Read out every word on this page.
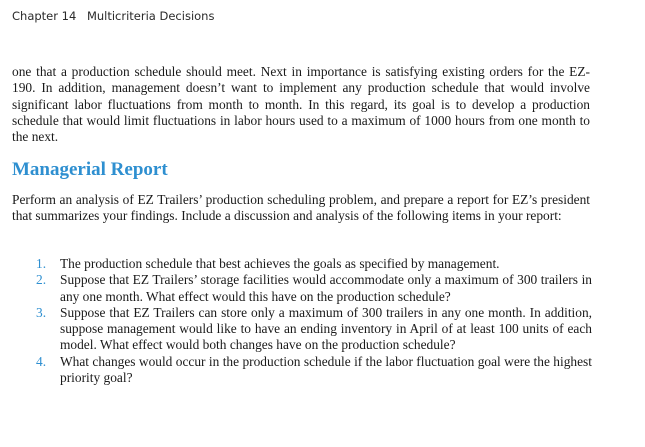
Chapter 14 Multicriteria Decisions

one that a production schedule should meet. Next in importance is satisfying existing orders for the EZ-190. In addition, management doesn’t want to implement any production schedule that would involve significant labor fluctuations from month to month. In this regard, its goal is to develop a production schedule that would limit fluctuations in labor hours used to a maximum of 1000 hours from one month to the next.

Managerial Report

Perform an analysis of EZ Trailers’ production scheduling problem, and prepare a report for EZ’s president that summarizes your findings. Include a discussion and analysis of the following items in your report:

1. The production schedule that best achieves the goals as specified by management.
2. Suppose that EZ Trailers’ storage facilities would accommodate only a maximum of 300 trailers in any one month. What effect would this have on the production schedule?
3. Suppose that EZ Trailers can store only a maximum of 300 trailers in any one month. In addition, suppose management would like to have an ending inventory in April of at least 100 units of each model. What effect would both changes have on the production schedule?
4. What changes would occur in the production schedule if the labor fluctuation goal were the highest priority goal?
